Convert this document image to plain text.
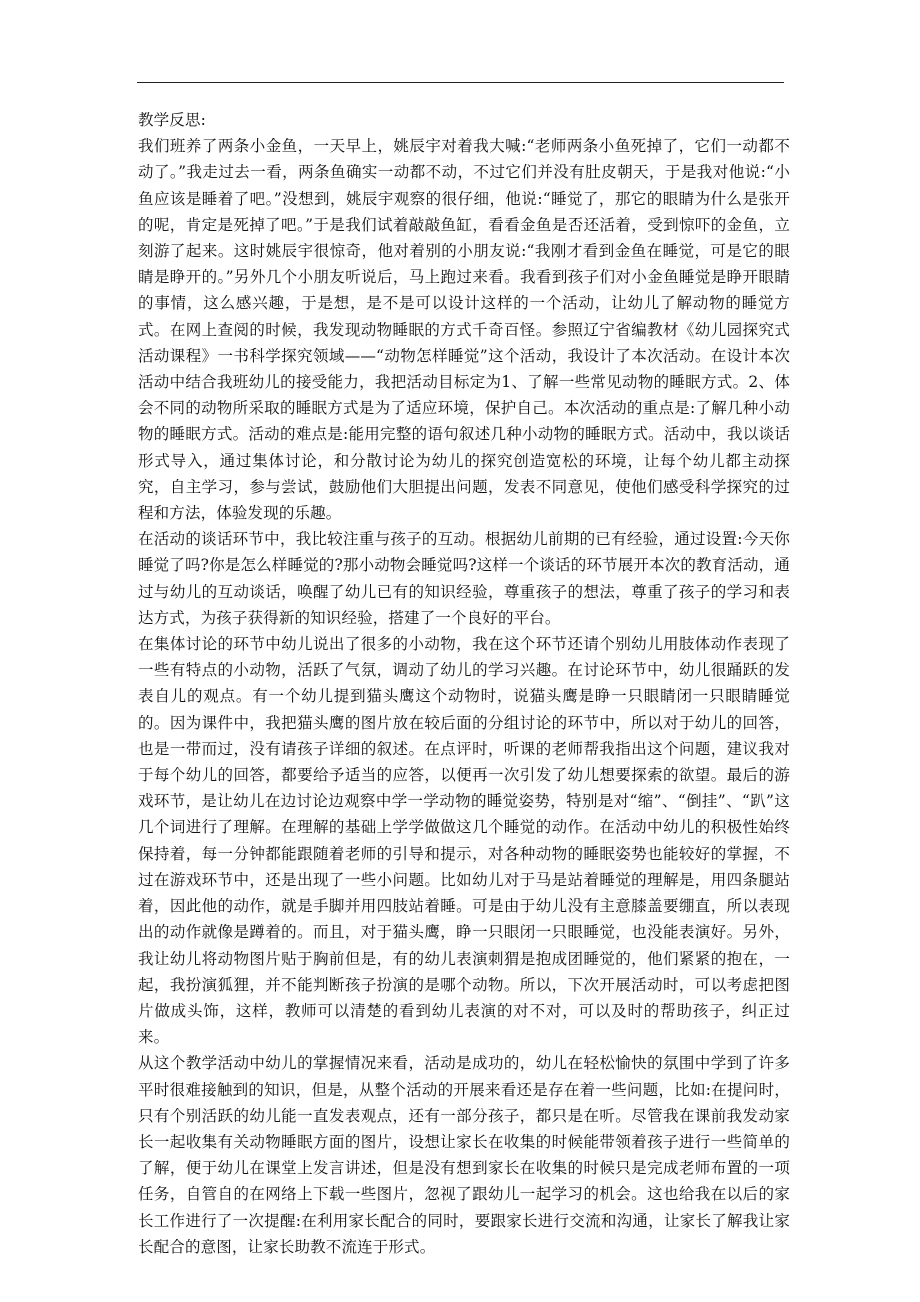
教学反思:

我们班养了两条小金鱼，一天早上，姚辰宇对着我大喊:“老师两条小鱼死掉了，它们一动都不动了。”我走过去一看，两条鱼确实一动都不动，不过它们并没有肚皮朝天，于是我对他说:“小鱼应该是睡着了吧。”没想到，姚辰宇观察的很仔细，他说:“睡觉了，那它的眼睛为什么是张开的呢，肯定是死掉了吧。”于是我们试着敲敲鱼缸，看看金鱼是否还活着，受到惊吓的金鱼，立刻游了起来。这时姚辰宇很惊奇，他对着别的小朋友说:“我刚才看到金鱼在睡觉，可是它的眼睛是睁开的。”另外几个小朋友听说后，马上跑过来看。我看到孩子们对小金鱼睡觉是睁开眼睛的事情，这么感兴趣，于是想，是不是可以设计这样的一个活动，让幼儿了解动物的睡觉方式。在网上查阅的时候，我发现动物睡眠的方式千奇百怪。参照辽宁省编教材《幼儿园探究式活动课程》一书科学探究领域——“动物怎样睡觉”这个活动，我设计了本次活动。在设计本次活动中结合我班幼儿的接受能力，我把活动目标定为1、了解一些常见动物的睡眠方式。2、体会不同的动物所采取的睡眠方式是为了适应环境，保护自己。本次活动的重点是:了解几种小动物的睡眠方式。活动的难点是:能用完整的语句叙述几种小动物的睡眠方式。活动中，我以谈话形式导入，通过集体讨论，和分散讨论为幼儿的探究创造宽松的环境，让每个幼儿都主动探究，自主学习，参与尝试，鼓励他们大胆提出问题，发表不同意见，使他们感受科学探究的过程和方法，体验发现的乐趣。

在活动的谈话环节中，我比较注重与孩子的互动。根据幼儿前期的已有经验，通过设置:今天你睡觉了吗?你是怎么样睡觉的?那小动物会睡觉吗?这样一个谈话的环节展开本次的教育活动，通过与幼儿的互动谈话，唤醒了幼儿已有的知识经验，尊重孩子的想法，尊重了孩子的学习和表达方式，为孩子获得新的知识经验，搭建了一个良好的平台。

在集体讨论的环节中幼儿说出了很多的小动物，我在这个环节还请个别幼儿用肢体动作表现了一些有特点的小动物，活跃了气氛，调动了幼儿的学习兴趣。在讨论环节中，幼儿很踊跃的发表自儿的观点。有一个幼儿提到猫头鹰这个动物时，说猫头鹰是睁一只眼睛闭一只眼睛睡觉的。因为课件中，我把猫头鹰的图片放在较后面的分组讨论的环节中，所以对于幼儿的回答，也是一带而过，没有请孩子详细的叙述。在点评时，听课的老师帮我指出这个问题，建议我对于每个幼儿的回答，都要给予适当的应答，以便再一次引发了幼儿想要探索的欲望。最后的游戏环节，是让幼儿在边讨论边观察中学一学动物的睡觉姿势，特别是对“缩”、“倒挂”、“趴”这几个词进行了理解。在理解的基础上学学做做这几个睡觉的动作。在活动中幼儿的积极性始终保持着，每一分钟都能跟随着老师的引导和提示，对各种动物的睡眠姿势也能较好的掌握，不过在游戏环节中，还是出现了一些小问题。比如幼儿对于马是站着睡觉的理解是，用四条腿站着，因此他的动作，就是手脚并用四肢站着睡。可是由于幼儿没有主意膝盖要绷直，所以表现出的动作就像是蹲着的。而且，对于猫头鹰，睁一只眼闭一只眼睡觉，也没能表演好。另外，我让幼儿将动物图片贴于胸前但是，有的幼儿表演刺猬是抱成团睡觉的，他们紧紧的抱在，一起，我扮演狐狸，并不能判断孩子扮演的是哪个动物。所以，下次开展活动时，可以考虑把图片做成头饰，这样，教师可以清楚的看到幼儿表演的对不对，可以及时的帮助孩子，纠正过来。

从这个教学活动中幼儿的掌握情况来看，活动是成功的，幼儿在轻松愉快的氛围中学到了许多平时很难接触到的知识，但是，从整个活动的开展来看还是存在着一些问题，比如:在提问时，只有个别活跃的幼儿能一直发表观点，还有一部分孩子，都只是在听。尽管我在课前我发动家长一起收集有关动物睡眠方面的图片，设想让家长在收集的时候能带领着孩子进行一些简单的了解，便于幼儿在课堂上发言讲述，但是没有想到家长在收集的时候只是完成老师布置的一项任务，自管自的在网络上下载一些图片，忽视了跟幼儿一起学习的机会。这也给我在以后的家长工作进行了一次提醒:在利用家长配合的同时，要跟家长进行交流和沟通，让家长了解我让家长配合的意图，让家长助教不流连于形式。
